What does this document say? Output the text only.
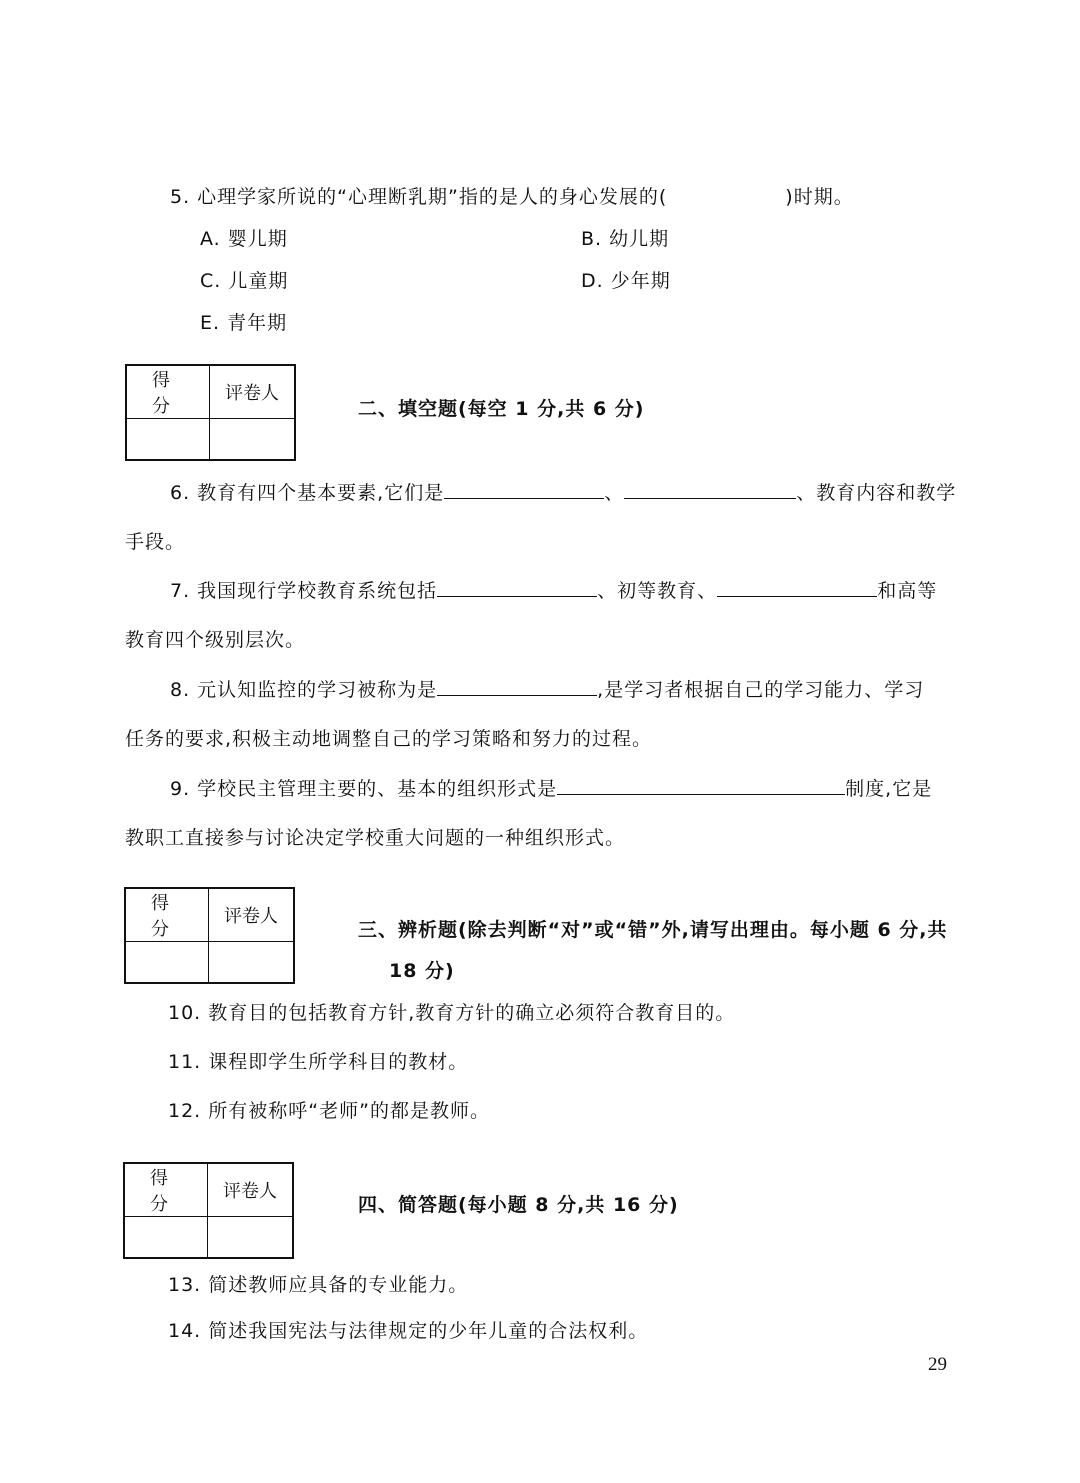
5. 心理学家所说的“心理断乳期”指的是人的身心发展的(	)时期。
A. 婴儿期	B. 幼儿期
C. 儿童期	D. 少年期
E. 青年期
得 分	评卷人

二、填空题(每空 1 分,共 6 分)
6. 教育有四个基本要素,它们是	、	、教育内容和教学
手段。
7. 我国现行学校教育系统包括	、初等教育、	和高等
教育四个级别层次。
8. 元认知监控的学习被称为是	,是学习者根据自己的学习能力、学习
任务的要求,积极主动地调整自己的学习策略和努力的过程。
9. 学校民主管理主要的、基本的组织形式是	制度,它是
教职工直接参与讨论决定学校重大问题的一种组织形式。
得 分	评卷人

三、辨析题(除去判断“对”或“错”外,请写出理由。每小题 6 分,共
18 分)
10. 教育目的包括教育方针,教育方针的确立必须符合教育目的。
11. 课程即学生所学科目的教材。
12. 所有被称呼“老师”的都是教师。
得 分	评卷人

四、简答题(每小题 8 分,共 16 分)
13. 简述教师应具备的专业能力。
14. 简述我国宪法与法律规定的少年儿童的合法权利。
29
